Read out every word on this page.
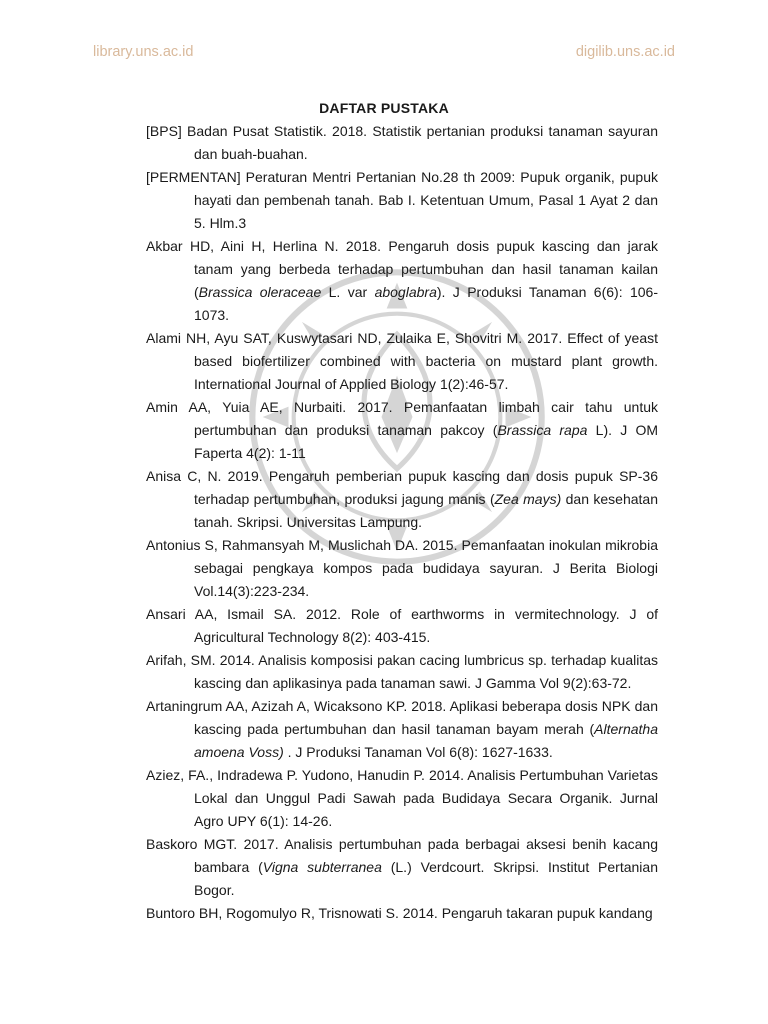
library.uns.ac.id	digilib.uns.ac.id
DAFTAR PUSTAKA

[BPS] Badan Pusat Statistik. 2018. Statistik pertanian produksi tanaman sayuran dan buah-buahan.

[PERMENTAN] Peraturan Mentri Pertanian No.28 th 2009: Pupuk organik, pupuk hayati dan pembenah tanah. Bab I. Ketentuan Umum, Pasal 1 Ayat 2 dan 5. Hlm.3

Akbar HD, Aini H, Herlina N. 2018. Pengaruh dosis pupuk kascing dan jarak tanam yang berbeda terhadap pertumbuhan dan hasil tanaman kailan (Brassica oleraceae L. var aboglabra). J Produksi Tanaman 6(6): 106-1073.

Alami NH, Ayu SAT, Kuswytasari ND, Zulaika E, Shovitri M. 2017. Effect of yeast based biofertilizer combined with bacteria on mustard plant growth. International Journal of Applied Biology 1(2):46-57.

Amin AA, Yuia AE, Nurbaiti. 2017. Pemanfaatan limbah cair tahu untuk pertumbuhan dan produksi tanaman pakcoy (Brassica rapa L). J OM Faperta 4(2): 1-11

Anisa C, N. 2019. Pengaruh pemberian pupuk kascing dan dosis pupuk SP-36 terhadap pertumbuhan, produksi jagung manis (Zea mays) dan kesehatan tanah. Skripsi. Universitas Lampung.

Antonius S, Rahmansyah M, Muslichah DA. 2015. Pemanfaatan inokulan mikrobia sebagai pengkaya kompos pada budidaya sayuran. J Berita Biologi Vol.14(3):223-234.

Ansari AA, Ismail SA. 2012. Role of earthworms in vermitechnology. J of Agricultural Technology 8(2): 403-415.

Arifah, SM. 2014. Analisis komposisi pakan cacing lumbricus sp. terhadap kualitas kascing dan aplikasinya pada tanaman sawi. J Gamma Vol 9(2):63-72.

Artaningrum AA, Azizah A, Wicaksono KP. 2018. Aplikasi beberapa dosis NPK dan kascing pada pertumbuhan dan hasil tanaman bayam merah (Alternatha amoena Voss) . J Produksi Tanaman Vol 6(8): 1627-1633.

Aziez, FA., Indradewa P. Yudono, Hanudin P. 2014. Analisis Pertumbuhan Varietas Lokal dan Unggul Padi Sawah pada Budidaya Secara Organik. Jurnal Agro UPY 6(1): 14-26.

Baskoro MGT. 2017. Analisis pertumbuhan pada berbagai aksesi benih kacang bambara (Vigna subterranea (L.) Verdcourt. Skripsi. Institut Pertanian Bogor.

Buntoro BH, Rogomulyo R, Trisnowati S. 2014. Pengaruh takaran pupuk kandang
